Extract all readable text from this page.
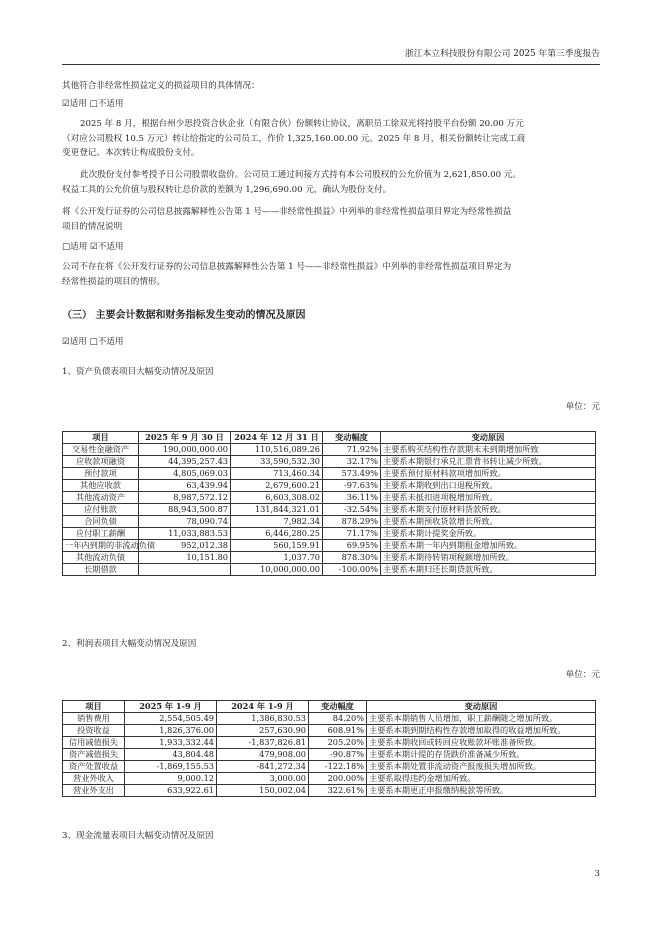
浙江本立科技股份有限公司 2025 年第三季度报告
其他符合非经常性损益定义的损益项目的具体情况：
☑适用 □不适用
2025 年 8 月，根据台州少思投资合伙企业（有限合伙）份额转让协议，离职员工徐双光将持股平台份额 20.00 万元
（对应公司股权 10.5 万元）转让给指定的公司员工，作价 1,325,160.00.00 元。2025 年 8 月，相关份额转让完成工商
变更登记。本次转让构成股份支付。
此次股份支付参考授予日公司股票收盘价。公司员工通过间接方式持有本公司股权的公允价值为 2,621,850.00 元。
权益工具的公允价值与股权转让总价款的差额为 1,296,690.00 元，确认为股份支付。
将《公开发行证券的公司信息披露解释性公告第 1 号——非经常性损益》中列举的非经常性损益项目界定为经常性损益
项目的情况说明
□适用 ☑不适用
公司不存在将《公开发行证券的公司信息披露解释性公告第 1 号——非经常性损益》中列举的非经常性损益项目界定为
经常性损益的项目的情形。
（三） 主要会计数据和财务指标发生变动的情况及原因
☑适用 □不适用
1、资产负债表项目大幅变动情况及原因
单位：元
项目	2025 年 9 月 30 日	2024 年 12 月 31 日	变动幅度	变动原因
交易性金融资产	190,000,000.00	110,516,089.26	71.92%	主要系购买结构性存款期末未到期增加所致
应收款项融资	44,395,257.43	33,590,532.30	32.17%	主要系本期银行承兑汇票背书转让减少所致。
预付款项	4,805,069.03	713,460.34	573.49%	主要系预付原材料款项增加所致。
其他应收款	63,439.94	2,679,600.21	-97.63%	主要系本期收到出口退税所致。
其他流动资产	8,987,572.12	6,603,308.02	36.11%	主要系未抵扣进项税增加所致。
应付账款	88,943,500.87	131,844,321.01	-32.54%	主要系本期支付原材料货款所致。
合同负债	78,090.74	7,982.34	878.29%	主要系本期预收货款增长所致。
应付职工薪酬	11,033,883.53	6,446,280.25	71.17%	主要系本期计提奖金所致。
一年内到期的非流动负债	952,012.38	560,159.91	69.95%	主要系本期一年内到期租金增加所致。
其他流动负债	10,151.80	1,037.70	878.30%	主要系本期待转销项税额增加所致。
长期借款		10,000,000.00	-100.00%	主要系本期归还长期贷款所致。
2、利润表项目大幅变动情况及原因
单位：元
项目	2025 年 1-9 月	2024 年 1-9 月	变动幅度	变动原因
销售费用	2,554,505.49	1,386,830.53	84.20%	主要系本期销售人员增加，职工薪酬随之增加所致。
投资收益	1,826,376.00	257,630.90	608.91%	主要系本期到期结构性存款增加取得的收益增加所致。
信用减值损失	1,933,332.44	-1,837,826.81	205.20%	主要系本期收回或转回应收账款坏账准备所致。
资产减值损失	43,804.48	479,908.00	-90.87%	主要系本期计提的存货跌价准备减少所致。
资产处置收益	-1,869,155.53	-841,272.34	-122.18%	主要系本期处置非流动资产报废损失增加所致。
营业外收入	9,000.12	3,000.00	200.00%	主要系取得违约金增加所致。
营业外支出	633,922.61	150,002.04	322.61%	主要系本期更正申报缴纳税款等所致。
3、现金流量表项目大幅变动情况及原因
3
